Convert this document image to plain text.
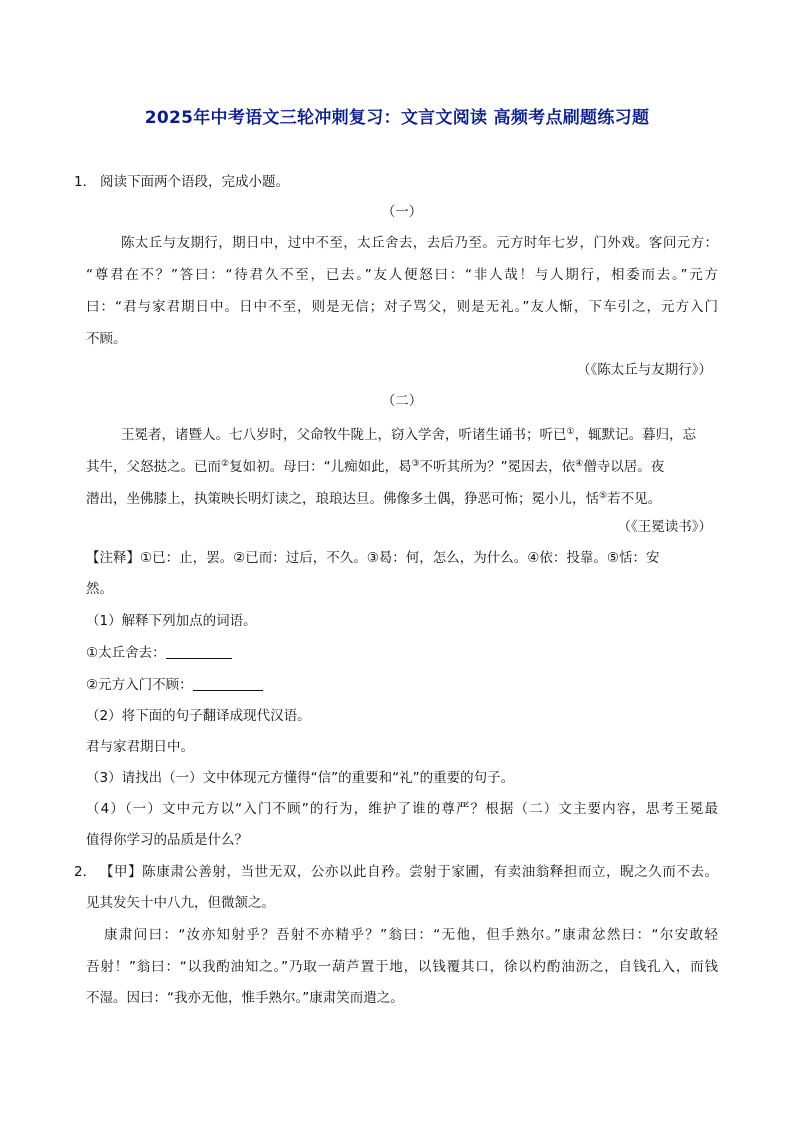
2025年中考语文三轮冲刺复习：文言文阅读 高频考点刷题练习题
1． 阅读下面两个语段，完成小题。
（一）
陈太丘与友期行，期日中，过中不至，太丘舍去，去后乃至。元方时年七岁，门外戏。客问元方：
“尊君在不？”答曰：“待君久不至，已去。”友人便怒曰：“非人哉！与人期行，相委而去。”元方
曰：“君与家君期日中。日中不至，则是无信；对子骂父，则是无礼。”友人惭，下车引之，元方入门
不顾。
（《陈太丘与友期行》）
（二）
王冕者，诸暨人。七八岁时，父命牧牛陇上，窃入学舍，听诸生诵书；听已①，辄默记。暮归，忘
其牛，父怒挞之。已而②复如初。母曰：“儿痴如此，曷③不听其所为？”冕因去，依④僧寺以居。夜
潜出，坐佛膝上，执策映长明灯读之，琅琅达旦。佛像多土偶，狰恶可怖；冕小儿，恬⑤若不见。
（《王冕读书》）
【注释】①已：止，罢。②已而：过后，不久。③曷：何，怎么，为什么。④依：投靠。⑤恬：安
然。
（1）解释下列加点的词语。
①太丘舍去：
②元方入门不顾：
（2）将下面的句子翻译成现代汉语。
君与家君期日中。
（3）请找出（一）文中体现元方懂得“信”的重要和“礼”的重要的句子。
（4）（一）文中元方以“入门不顾”的行为，维护了谁的尊严？根据（二）文主要内容，思考王冕最
值得你学习的品质是什么？
2． 【甲】陈康肃公善射，当世无双，公亦以此自矜。尝射于家圃，有卖油翁释担而立，睨之久而不去。
见其发矢十中八九，但微颔之。
康肃问曰：“汝亦知射乎？吾射不亦精乎？”翁曰：“无他，但手熟尔。”康肃忿然曰：“尔安敢轻
吾射！”翁曰：“以我酌油知之。”乃取一葫芦置于地，以钱覆其口，徐以杓酌油沥之，自钱孔入，而钱
不湿。因曰：“我亦无他，惟手熟尔。”康肃笑而遣之。
